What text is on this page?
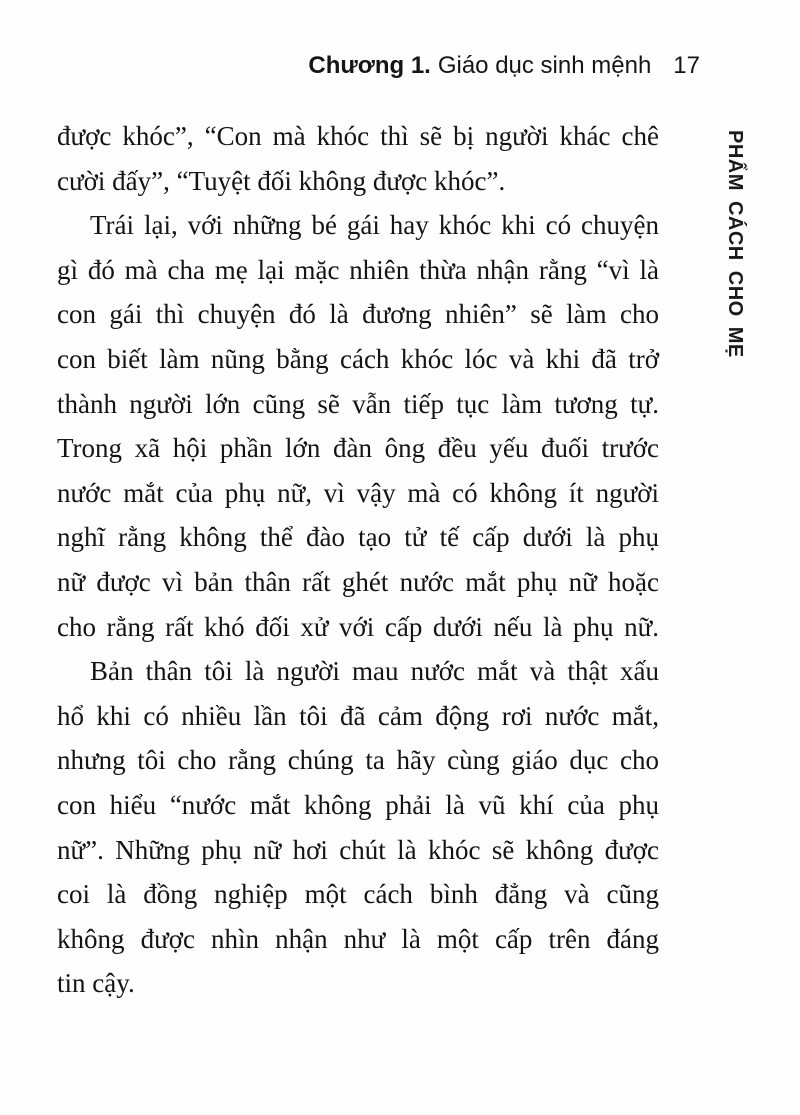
Chương 1. Giáo dục sinh mệnh 17
được khóc”, “Con mà khóc thì sẽ bị người khác chê
cười đấy”, “Tuyệt đối không được khóc”.
Trái lại, với những bé gái hay khóc khi có chuyện
gì đó mà cha mẹ lại mặc nhiên thừa nhận rằng “vì là
con gái thì chuyện đó là đương nhiên” sẽ làm cho
con biết làm nũng bằng cách khóc lóc và khi đã trở
thành người lớn cũng sẽ vẫn tiếp tục làm tương tự.
Trong xã hội phần lớn đàn ông đều yếu đuối trước
nước mắt của phụ nữ, vì vậy mà có không ít người
nghĩ rằng không thể đào tạo tử tế cấp dưới là phụ
nữ được vì bản thân rất ghét nước mắt phụ nữ hoặc
cho rằng rất khó đối xử với cấp dưới nếu là phụ nữ.
Bản thân tôi là người mau nước mắt và thật xấu
hổ khi có nhiều lần tôi đã cảm động rơi nước mắt,
nhưng tôi cho rằng chúng ta hãy cùng giáo dục cho
con hiểu “nước mắt không phải là vũ khí của phụ
nữ”. Những phụ nữ hơi chút là khóc sẽ không được
coi là đồng nghiệp một cách bình đẳng và cũng
không được nhìn nhận như là một cấp trên đáng
tin cậy.
PHẨM CÁCH CHO MẸ
